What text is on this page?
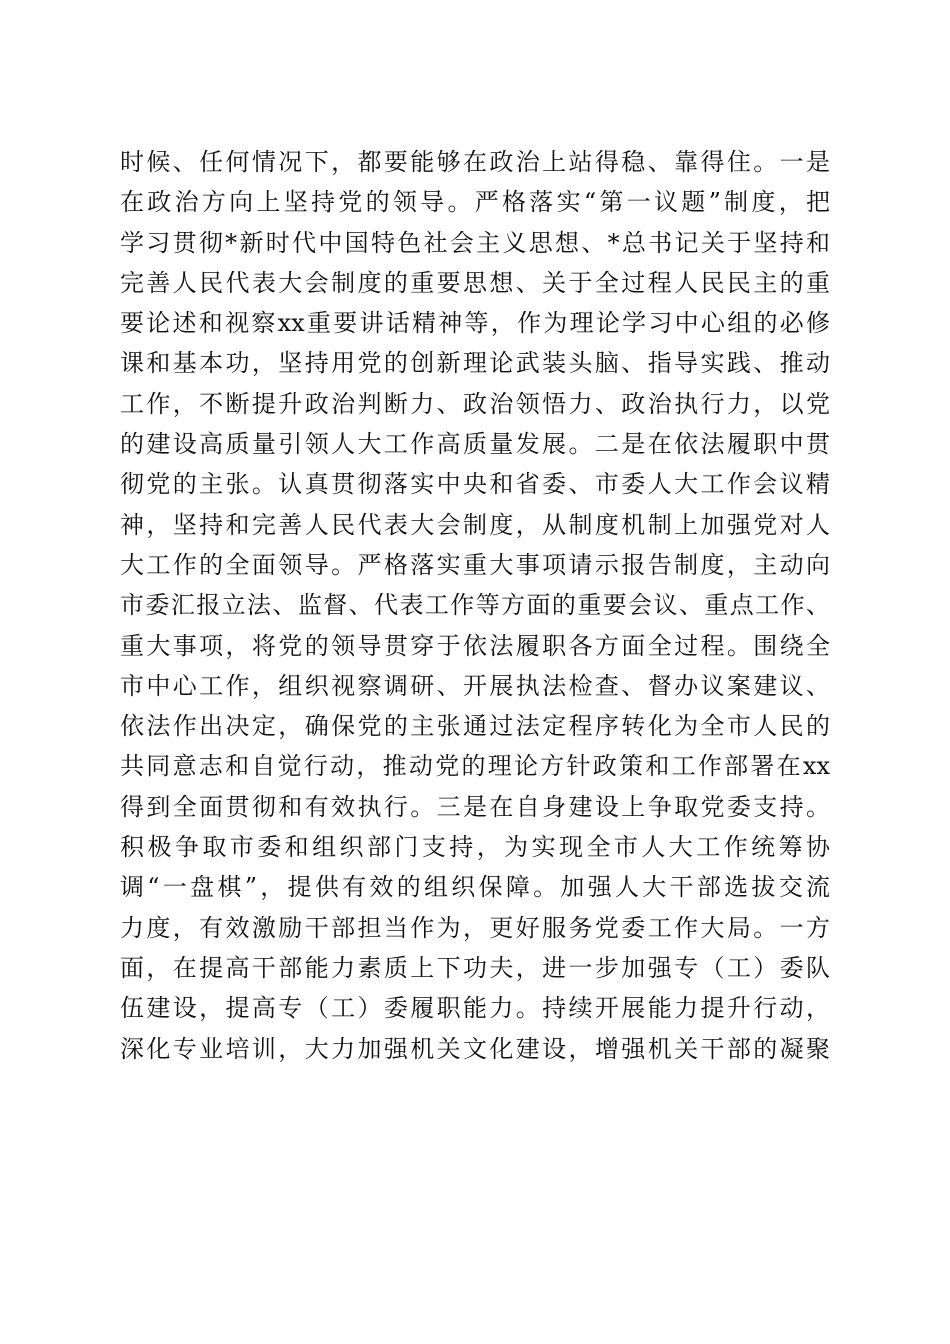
时候、任何情况下，都要能够在政治上站得稳、靠得住。一是
在政治方向上坚持党的领导。严格落实“第一议题”制度，把
学习贯彻*新时代中国特色社会主义思想、*总书记关于坚持和
完善人民代表大会制度的重要思想、关于全过程人民民主的重
要论述和视察xx重要讲话精神等，作为理论学习中心组的必修
课和基本功，坚持用党的创新理论武装头脑、指导实践、推动
工作，不断提升政治判断力、政治领悟力、政治执行力，以党
的建设高质量引领人大工作高质量发展。二是在依法履职中贯
彻党的主张。认真贯彻落实中央和省委、市委人大工作会议精
神，坚持和完善人民代表大会制度，从制度机制上加强党对人
大工作的全面领导。严格落实重大事项请示报告制度，主动向
市委汇报立法、监督、代表工作等方面的重要会议、重点工作、
重大事项，将党的领导贯穿于依法履职各方面全过程。围绕全
市中心工作，组织视察调研、开展执法检查、督办议案建议、
依法作出决定，确保党的主张通过法定程序转化为全市人民的
共同意志和自觉行动，推动党的理论方针政策和工作部署在xx
得到全面贯彻和有效执行。三是在自身建设上争取党委支持。
积极争取市委和组织部门支持，为实现全市人大工作统筹协
调“一盘棋”，提供有效的组织保障。加强人大干部选拔交流
力度，有效激励干部担当作为，更好服务党委工作大局。一方
面，在提高干部能力素质上下功夫，进一步加强专（工）委队
伍建设，提高专（工）委履职能力。持续开展能力提升行动，
深化专业培训，大力加强机关文化建设，增强机关干部的凝聚
